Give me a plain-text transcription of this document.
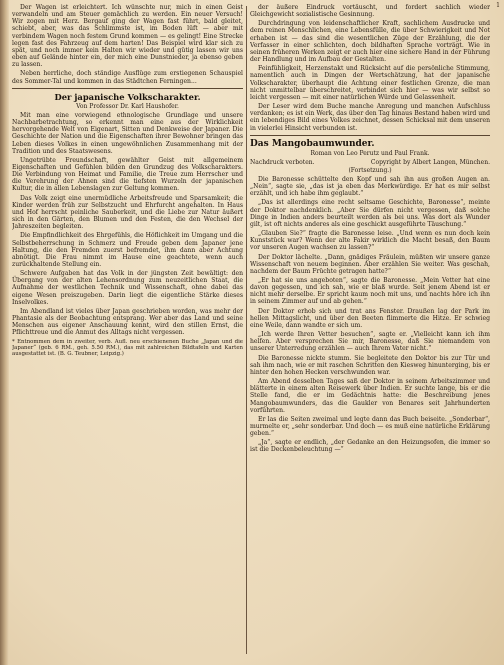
1

Der Wagen ist erleichtert. Ich wünschte nur, mich in einen Geist verwandeln und am Steuer gemächlich zu werden. Ein neuer Versuch! Wir zogen mit Herz. Bergauf ging der Wagen fast führt, bald gleitet, schiebt, aber, was das Schlimmste ist, im Boden lüft — aber mit verbindem Wagen noch festem Grund kommen — es gelingt! Eine Strecke legen fast des Fahrzeug auf dem harten! Das Beispiel wird klar sich zu spät, und noch immer kein Halten wir wieder und gütig lassen wir uns eben auf Gelände hinter ein, der mich eine Dunstnieder, ja ebenso geben zu lassen.

Neben herrliche, doch ständige Ausflüge zum erstiegenen Schauspiel des Sommer-Tal und kommen in das Städtchen Ferningen...

Der japanische Volkscharakter.
Von Professor Dr. Karl Haushofer.

Mit man eine vorwiegend ethnologische Grundlage und unsere Nachbarbetrachtung, so erkennt man eine aus der Wirklichkeit hervorgehende Welt von Eigenart, Sitten und Denkweise der Japaner. Die Geschichte der Nation und die Eigenschaften ihrer Bewohner bringen das Leben dieses Volkes in einen ungewöhnlichen Zusammenhang mit der Tradition und des Staatswesens.

Ungetrübte Freundschaft, gewählter Geist mit allgemeinem Eigenschaften und Gefühlen bilden den Grundzug des Volkscharakters. Die Verbindung von Heimat und Familie, die Treue zum Herrscher und die Verehrung der Ahnen sind die tiefsten Wurzeln der japanischen Kultur, die in allen Lebenslagen zur Geltung kommen.

Das Volk zeigt eine unermüdliche Arbeitsfreude und Sparsamkeit; die Kinder werden früh zur Selbstzucht und Ehrfurcht angehalten. In Haus und Hof herrscht peinliche Sauberkeit, und die Liebe zur Natur äußert sich in den Gärten, den Blumen und den Festen, die den Wechsel der Jahreszeiten begleiten.

Die Empfindlichkeit des Ehrgefühls, die Höflichkeit im Umgang und die Selbstbeherrschung in Schmerz und Freude geben dem Japaner jene Haltung, die den Fremden zuerst befremdet, ihm dann aber Achtung abnötigt. Die Frau nimmt im Hause eine geachtete, wenn auch zurückhaltende Stellung ein.

Schwere Aufgaben hat das Volk in der jüngsten Zeit bewältigt: den Übergang von der alten Lehensordnung zum neuzeitlichen Staat, die Aufnahme der westlichen Technik und Wissenschaft, ohne dabei das eigene Wesen preiszugeben. Darin liegt die eigentliche Stärke dieses Inselvolkes.

Im Abendland ist vieles über Japan geschrieben worden, was mehr der Phantasie als der Beobachtung entsprang. Wer aber das Land und seine Menschen aus eigener Anschauung kennt, wird den stillen Ernst, die Pflichttreue und die Anmut des Alltags nicht vergessen.

* Entnommen dem in zweiter, verb. Aufl. neu erschienenen Buche „Japan und die Japaner“ (geb. 6 RM., geh. 5.50 RM.), das mit zahlreichen Bildtafeln und Karten ausgestattet ist. (B. G. Teubner, Leipzig.)

der äußere Eindruck vortäuscht, und fordert sachlich wieder Gleichgewicht sozialistische Gesinnung.

Durchdringung von leidenschaftlicher Kraft, sachlichem Ausdrucke und dem reinen Menschlichen, eine Lebensfülle, die über Schwierigkeit und Not erhaben ist — das sind die wesentlichen Züge der Erzählung, die der Verfasser in einer schlichten, doch bildhaften Sprache vorträgt. Wie in seinen früheren Werken zeigt er auch hier eine sichere Hand in der Führung der Handlung und im Aufbau der Gestalten.

Feinfühligkeit, Herzenstakt und Rücksicht auf die persönliche Stimmung, namentlich auch in Dingen der Wertschätzung, hat der japanische Volkscharakter, überhaupt die Achtung einer festlichen Grenze, die man nicht unmittelbar überschreitet, verbindet sich hier — was wir selbst so leicht vergessen — mit einer natürlichen Würde und Gelassenheit.

Der Leser wird dem Buche manche Anregung und manchen Aufschluss verdanken; es ist ein Werk, das über den Tag hinaus Bestand haben wird und ein lebendiges Bild eines Volkes zeichnet, dessen Schicksal mit dem unseren in vielerlei Hinsicht verbunden ist.

Das Mangobaumwunder.
Roman von Leo Perutz und Paul Frank.
Nachdruck verboten.	Copyright by Albert Langen, München.
(Fortsetzung.)

Die Baronesse schüttelte den Kopf und sah ihn aus großen Augen an. „Nein“, sagte sie, „das ist ja eben das Merkwürdige. Er hat es mir selbst erzählt, und ich habe ihm geglaubt.“

„Das ist allerdings eine recht seltsame Geschichte, Baronesse“, meinte der Doktor nachdenklich. „Aber Sie dürfen nicht vergessen, daß solche Dinge in Indien anders beurteilt werden als bei uns. Was dort als Wunder gilt, ist oft nichts anderes als eine geschickt ausgeführte Täuschung.“

„Glauben Sie?“ fragte die Baronesse leise. „Und wenn es nun doch kein Kunststück war? Wenn der alte Fakir wirklich die Macht besaß, den Baum vor unseren Augen wachsen zu lassen?“

Der Doktor lächelte. „Dann, gnädiges Fräulein, müßten wir unsere ganze Wissenschaft von neuem beginnen. Aber erzählen Sie weiter. Was geschah, nachdem der Baum Früchte getragen hatte?“

„Er hat sie uns angeboten“, sagte die Baronesse. „Mein Vetter hat eine davon gegessen, und ich sah, wie er blaß wurde. Seit jenem Abend ist er nicht mehr derselbe. Er spricht kaum noch mit uns, und nachts höre ich ihn in seinem Zimmer auf und ab gehen.“

Der Doktor erhob sich und trat ans Fenster. Draußen lag der Park im hellen Mittagslicht, und über den Beeten flimmerte die Hitze. Er schwieg eine Weile, dann wandte er sich um.

„Ich werde Ihren Vetter besuchen“, sagte er. „Vielleicht kann ich ihm helfen. Aber versprechen Sie mir, Baronesse, daß Sie niemandem von unserer Unterredung erzählen — auch Ihrem Vater nicht.“

Die Baronesse nickte stumm. Sie begleitete den Doktor bis zur Tür und sah ihm nach, wie er mit raschen Schritten den Kiesweg hinunterging, bis er hinter den hohen Hecken verschwunden war.

Am Abend desselben Tages saß der Doktor in seinem Arbeitszimmer und blätterte in einem alten Reisewerk über Indien. Er suchte lange, bis er die Stelle fand, die er im Gedächtnis hatte: die Beschreibung jenes Mangobaumwunders, das die Gaukler von Benares seit Jahrhunderten vorführten.

Er las die Seiten zweimal und legte dann das Buch beiseite. „Sonderbar“, murmelte er, „sehr sonderbar. Und doch — es muß eine natürliche Erklärung geben.“

„Ja“, sagte er endlich, „der Gedanke an den Heizungsofen, die immer so ist die Deckenbeleuchtung —“
